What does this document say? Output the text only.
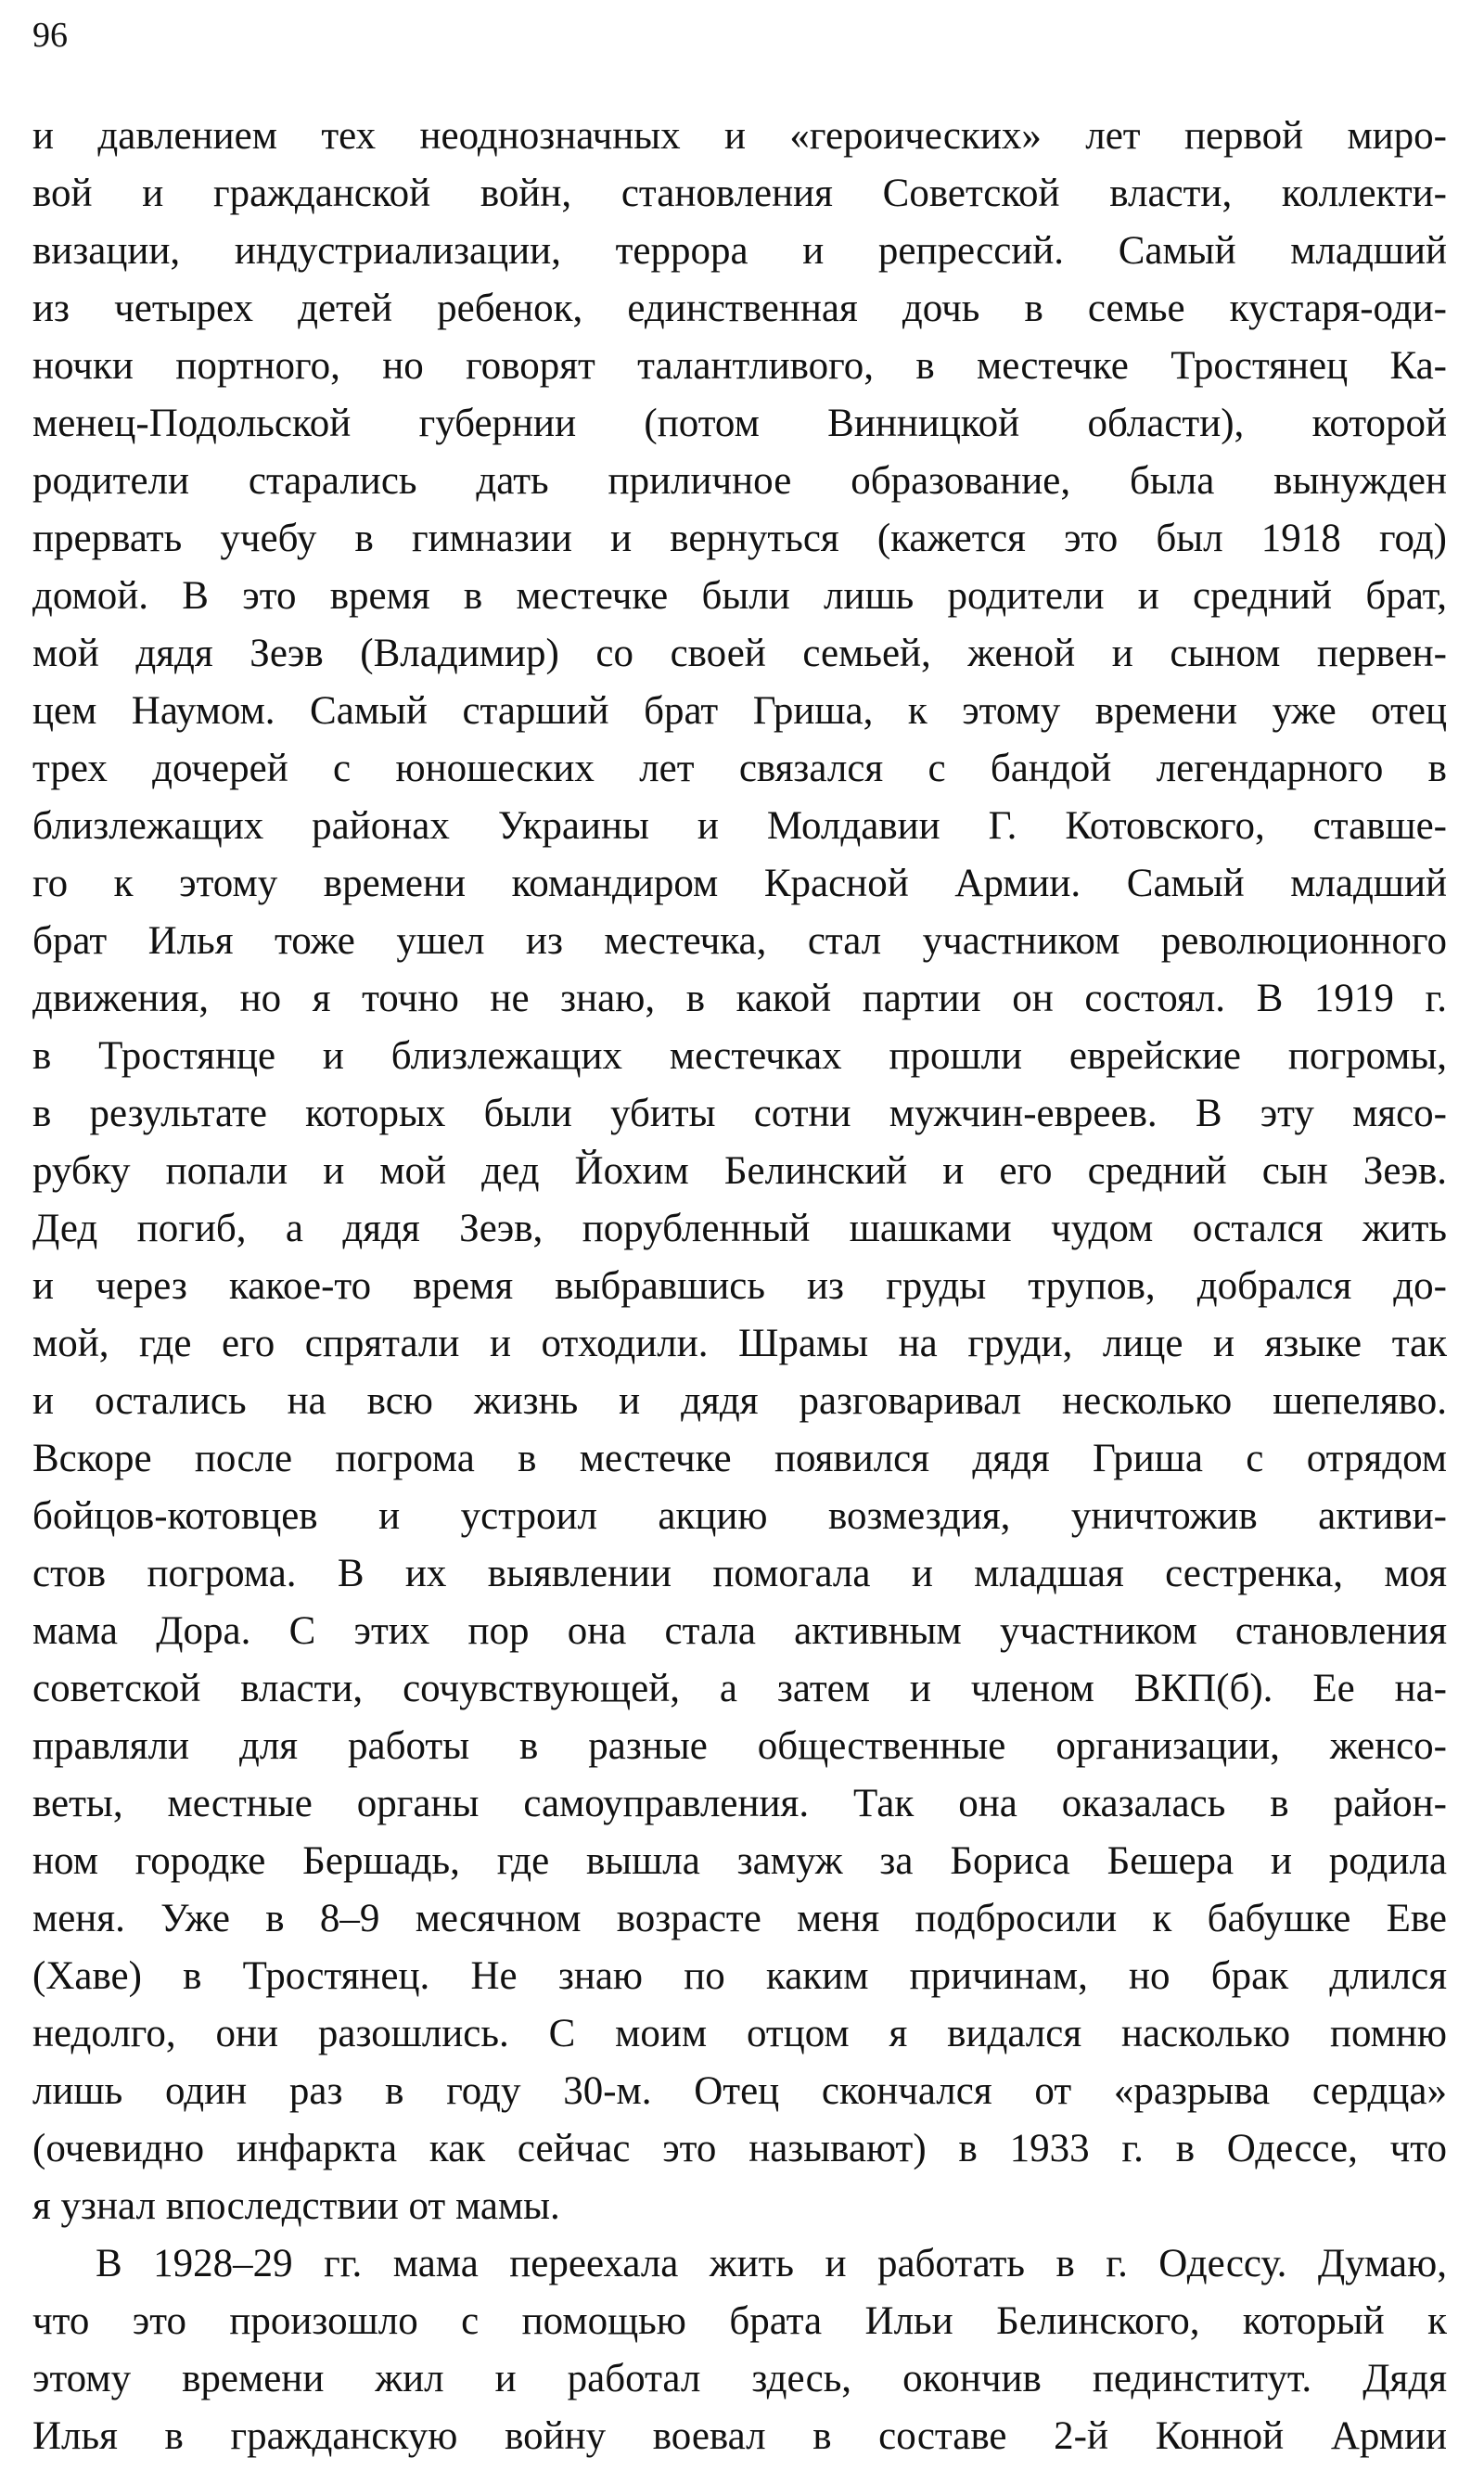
96
и давлением тех неоднозначных и «героических» лет первой миро-
вой и гражданской войн, становления Советской власти, коллекти-
визации, индустриализации, террора и репрессий. Самый младший
из четырех детей ребенок, единственная дочь в семье кустаря-оди-
ночки портного, но говорят талантливого, в местечке Тростянец Ка-
менец-Подольской губернии (потом Винницкой области), которой
родители старались дать приличное образование, была вынужден
прервать учебу в гимназии и вернуться (кажется это был 1918 год)
домой. В это время в местечке были лишь родители и средний брат,
мой дядя Зеэв (Владимир) со своей семьей, женой и сыном первен-
цем Наумом. Самый старший брат Гриша, к этому времени уже отец
трех дочерей с юношеских лет связался с бандой легендарного в
близлежащих районах Украины и Молдавии Г. Котовского, ставше-
го к этому времени командиром Красной Армии. Самый младший
брат Илья тоже ушел из местечка, стал участником революционного
движения, но я точно не знаю, в какой партии он состоял. В 1919 г.
в Тростянце и близлежащих местечках прошли еврейские погромы,
в результате которых были убиты сотни мужчин-евреев. В эту мясо-
рубку попали и мой дед Йохим Белинский и его средний сын Зеэв.
Дед погиб, а дядя Зеэв, порубленный шашками чудом остался жить
и через какое-то время выбравшись из груды трупов, добрался до-
мой, где его спрятали и отходили. Шрамы на груди, лице и языке так
и остались на всю жизнь и дядя разговаривал несколько шепеляво.
Вскоре после погрома в местечке появился дядя Гриша с отрядом
бойцов-котовцев и устроил акцию возмездия, уничтожив активи-
стов погрома. В их выявлении помогала и младшая сестренка, моя
мама Дора. С этих пор она стала активным участником становления
советской власти, сочувствующей, а затем и членом ВКП(б). Ее на-
правляли для работы в разные общественные организации, женсо-
веты, местные органы самоуправления. Так она оказалась в район-
ном городке Бершадь, где вышла замуж за Бориса Бешера и родила
меня. Уже в 8–9 месячном возрасте меня подбросили к бабушке Еве
(Хаве) в Тростянец. Не знаю по каким причинам, но брак длился
недолго, они разошлись. С моим отцом я видался насколько помню
лишь один раз в году 30-м. Отец скончался от «разрыва сердца»
(очевидно инфаркта как сейчас это называют) в 1933 г. в Одессе, что
я узнал впоследствии от мамы.
В 1928–29 гг. мама переехала жить и работать в г. Одессу. Думаю,
что это произошло с помощью брата Ильи Белинского, который к
этому времени жил и работал здесь, окончив пединститут. Дядя
Илья в гражданскую войну воевал в составе 2-й Конной Армии
